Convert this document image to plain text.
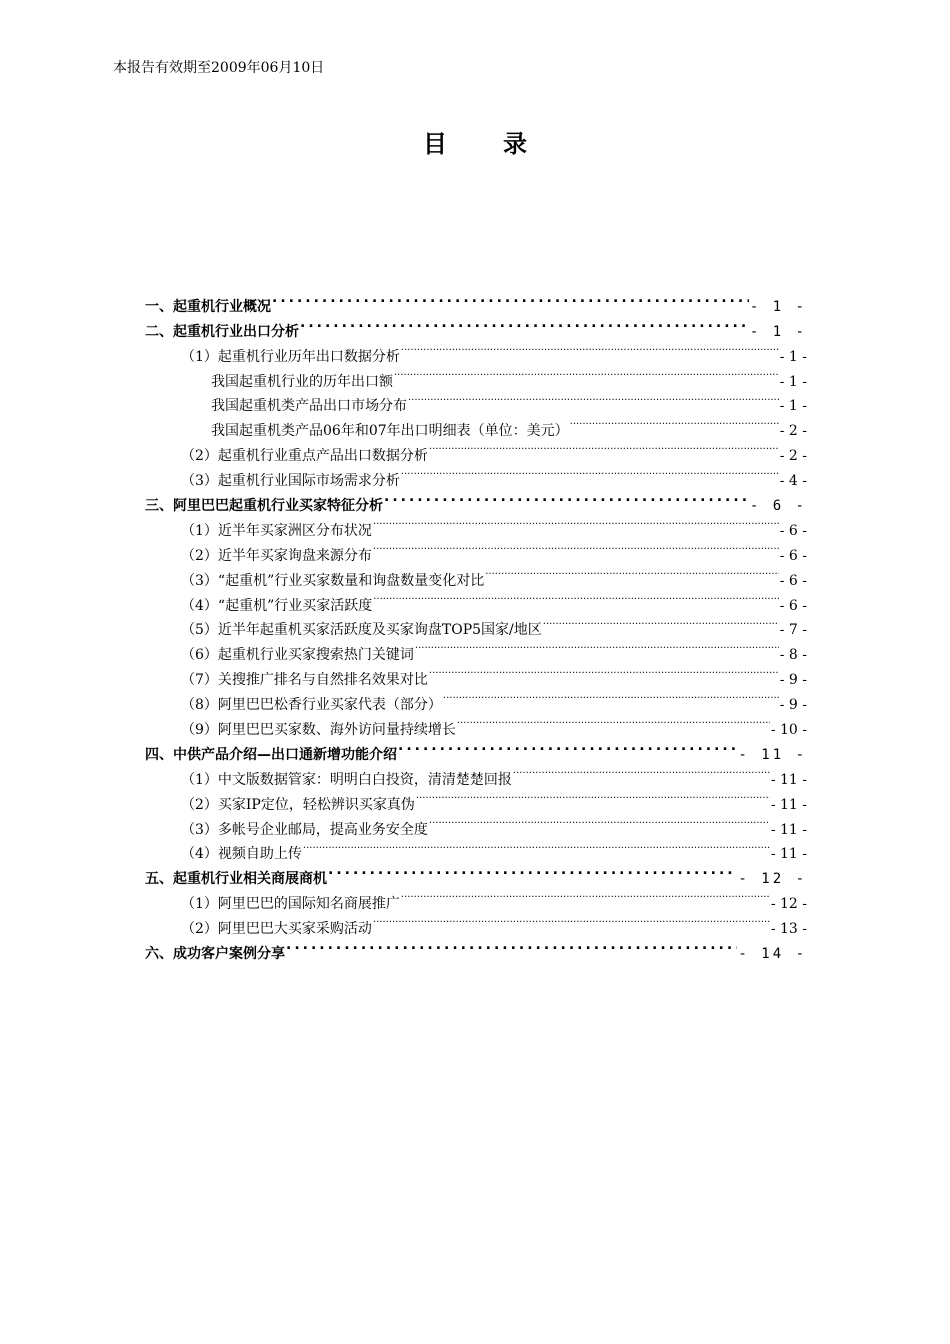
本报告有效期至2009年06月10日
目录
一、起重机行业概况 .....	- 1 -
二、起重机行业出口分析 .....	- 1 -
（1）起重机行业历年出口数据分析 .....	- 1 -
我国起重机行业的历年出口额 .....	- 1 -
我国起重机类产品出口市场分布 .....	- 1 -
我国起重机类产品06年和07年出口明细表（单位：美元） .....	- 2 -
（2）起重机行业重点产品出口数据分析 .....	- 2 -
（3）起重机行业国际市场需求分析 .....	- 4 -
三、阿里巴巴起重机行业买家特征分析 .....	- 6 -
（1）近半年买家洲区分布状况 .....	- 6 -
（2）近半年买家询盘来源分布 .....	- 6 -
（3）“起重机”行业买家数量和询盘数量变化对比 .....	- 6 -
（4）“起重机”行业买家活跃度 .....	- 6 -
（5）近半年起重机买家活跃度及买家询盘TOP5国家/地区 .....	- 7 -
（6）起重机行业买家搜索热门关键词 .....	- 8 -
（7）关搜推广排名与自然排名效果对比 .....	- 9 -
（8）阿里巴巴松香行业买家代表（部分） .....	- 9 -
（9）阿里巴巴买家数、海外访问量持续增长 .....	- 10 -
四、中供产品介绍—出口通新增功能介绍 .....	- 11 -
（1）中文版数据管家：明明白白投资，清清楚楚回报 .....	- 11 -
（2）买家IP定位，轻松辨识买家真伪 .....	- 11 -
（3）多帐号企业邮局，提高业务安全度 .....	- 11 -
（4）视频自助上传 .....	- 11 -
五、起重机行业相关商展商机 .....	- 12 -
（1）阿里巴巴的国际知名商展推广 .....	- 12 -
（2）阿里巴巴大买家采购活动 .....	- 13 -
六、成功客户案例分享 .....	- 14 -
